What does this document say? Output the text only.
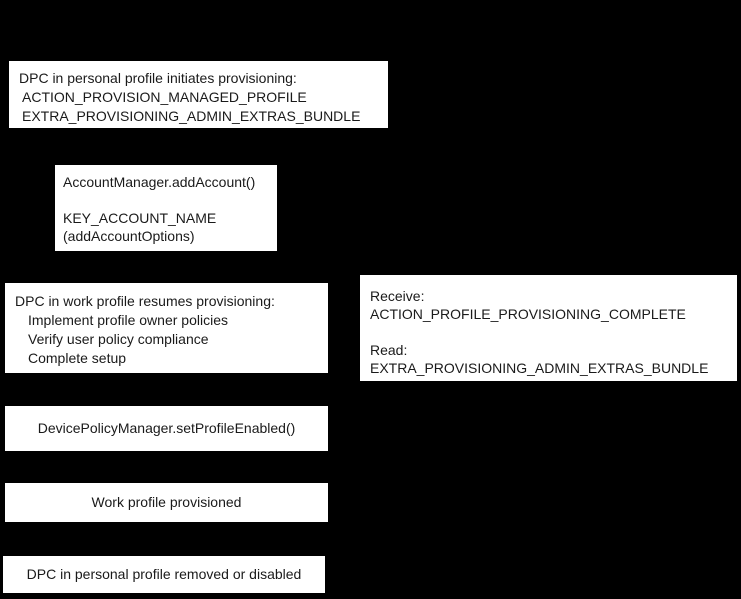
DPC in personal profile initiates provisioning:
ACTION_PROVISION_MANAGED_PROFILE
EXTRA_PROVISIONING_ADMIN_EXTRAS_BUNDLE
AccountManager.addAccount()
KEY_ACCOUNT_NAME
(addAccountOptions)
DPC in work profile resumes provisioning:
Implement profile owner policies
Verify user policy compliance
Complete setup
Receive:
ACTION_PROFILE_PROVISIONING_COMPLETE
Read:
EXTRA_PROVISIONING_ADMIN_EXTRAS_BUNDLE
DevicePolicyManager.setProfileEnabled()
Work profile provisioned
DPC in personal profile removed or disabled
